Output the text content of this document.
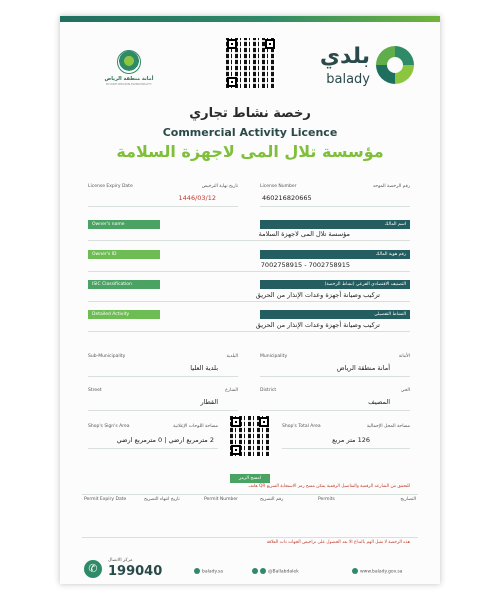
أمانة منطقة الرياض
RIYADH REGION MUNICIPALITY
بلدي
balady
رخصة نشاط تجاري
Commercial Activity Licence
مؤسسة تلال المى لاجهزة السلامة
License Expiry Date	تاريخ نهاية الترخيص
1446/03/12
License Number	رقم الرخصة الموحد
460216820665
Owner's name	اسم المالك
مؤسسة تلال المى لاجهزة السلامة
Owner's ID	رقم هوية المالك
7002758915 - 7002758915
ISIC Classification	التصنيف الاقتصادي الفرعي (نشاط الرخصة)
تركيب وصيانة أجهزة وعدات الإنذار من الحريق
Detailed Activity	النشاط التفصيلي
تركيب وصيانة أجهزة وعدات الإنذار من الحريق
Sub-Municipality	البلدية
بلدية العليا
Municipality	الأمانة
أمانة منطقة الرياض
Street	الشارع
القطار
District	الحي
المصيف
Shop's Sign's Area	مساحة اللوحات الإعلانية
2 مترمربع ارضي | 0 مترمربع ارضي
امسح الرمز
Shop's Total Area	مساحة المحل الإجمالية
126 متر مربع
للتحقق من الشارعه الرقمية والتفاصيل الرقمية يمكن مسح رمز الاستجابة السريع QR هاتف
Permit Expiry Date	تاريخ انتهاء التصريح	Permit Number	رقم التصريح	Permits	التصاريح
هذه الرخصة لا تقبل الهم بالتداع الا بعد الحصول على تراخيص الجهات ذات العلاقة
✆
مركز الاتصال
199040	balady.sa	@Ballabdalek	www.balady.gov.sa
